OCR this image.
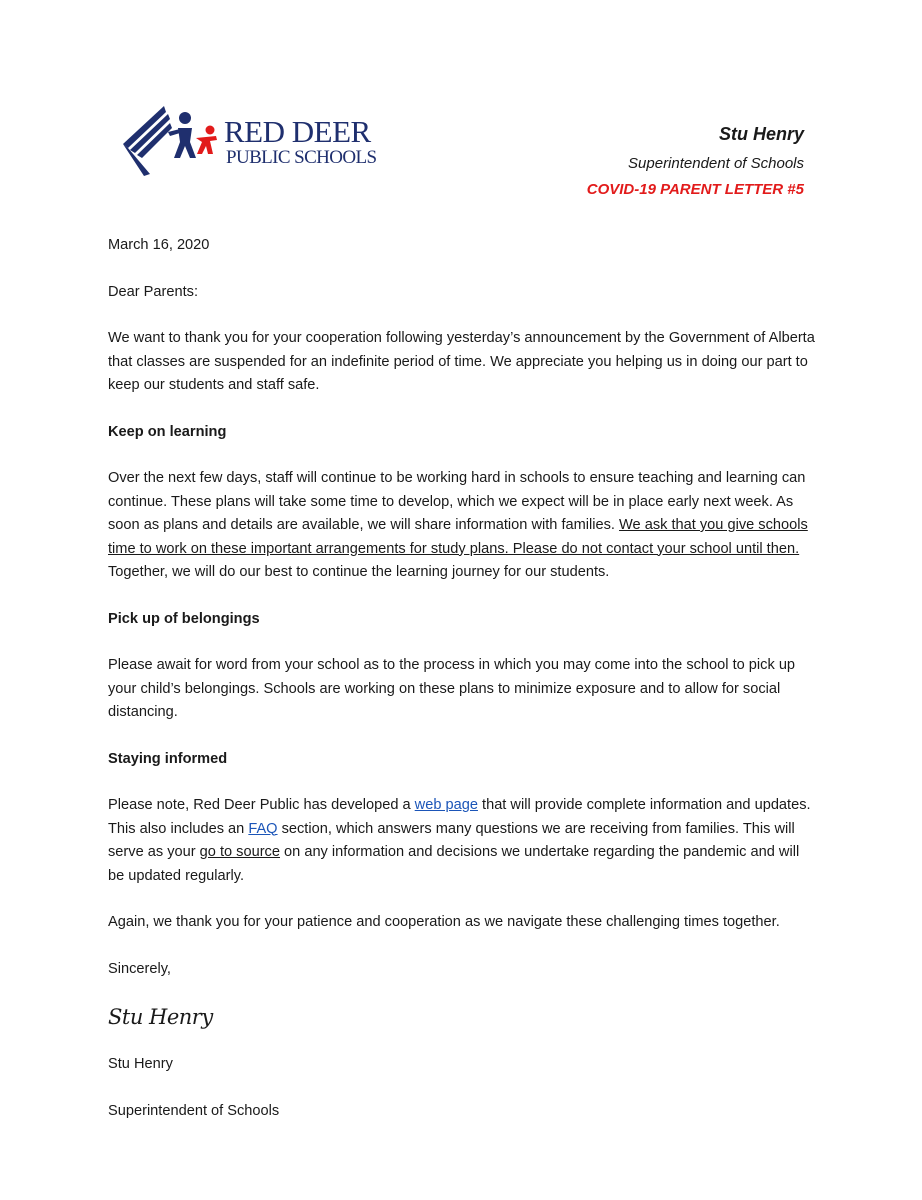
RED DEER
PUBLIC SCHOOLS
Stu Henry
Superintendent of Schools
COVID-19 PARENT LETTER #5

March 16, 2020

Dear Parents:

We want to thank you for your cooperation following yesterday’s announcement by the Government of Alberta that classes are suspended for an indefinite period of time. We appreciate you helping us in doing our part to keep our students and staff safe.

Keep on learning

Over the next few days, staff will continue to be working hard in schools to ensure teaching and learning can continue. These plans will take some time to develop, which we expect will be in place early next week. As soon as plans and details are available, we will share information with families. We ask that you give schools time to work on these important arrangements for study plans. Please do not contact your school until then. Together, we will do our best to continue the learning journey for our students.

Pick up of belongings

Please await for word from your school as to the process in which you may come into the school to pick up your child’s belongings. Schools are working on these plans to minimize exposure and to allow for social distancing.

Staying informed

Please note, Red Deer Public has developed a web page that will provide complete information and updates. This also includes an FAQ section, which answers many questions we are receiving from families. This will serve as your go to source on any information and decisions we undertake regarding the pandemic and will be updated regularly.

Again, we thank you for your patience and cooperation as we navigate these challenging times together.

Sincerely,

Stu Henry

Stu Henry

Superintendent of Schools
